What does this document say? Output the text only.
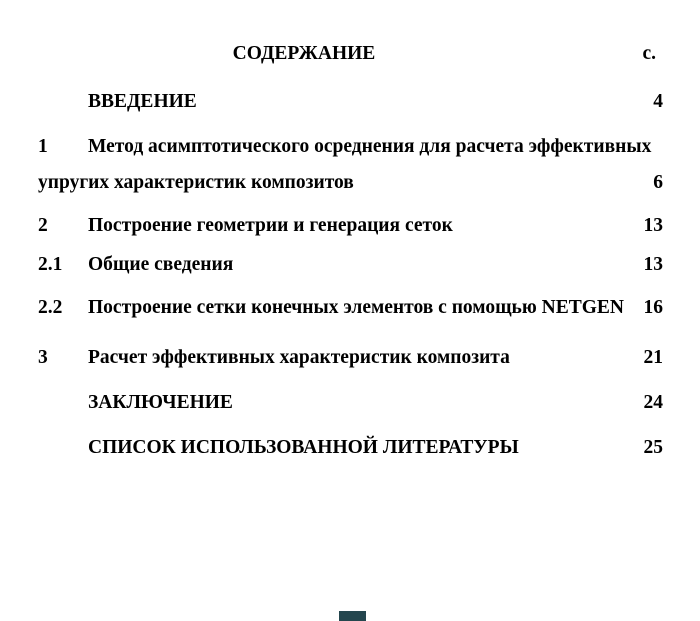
СОДЕРЖАНИЕ	с.
ВВЕДЕНИЕ	4
1 Метод асимптотического осреднения для расчета эффективных
упругих характеристик композитов	6
2 Построение геометрии и генерация сеток	13
2.1 Общие сведения	13
2.2 Построение сетки конечных элементов с помощью NETGEN 16
3 Расчет эффективных характеристик композита	21
ЗАКЛЮЧЕНИЕ	24
СПИСОК ИСПОЛЬЗОВАННОЙ ЛИТЕРАТУРЫ	25
